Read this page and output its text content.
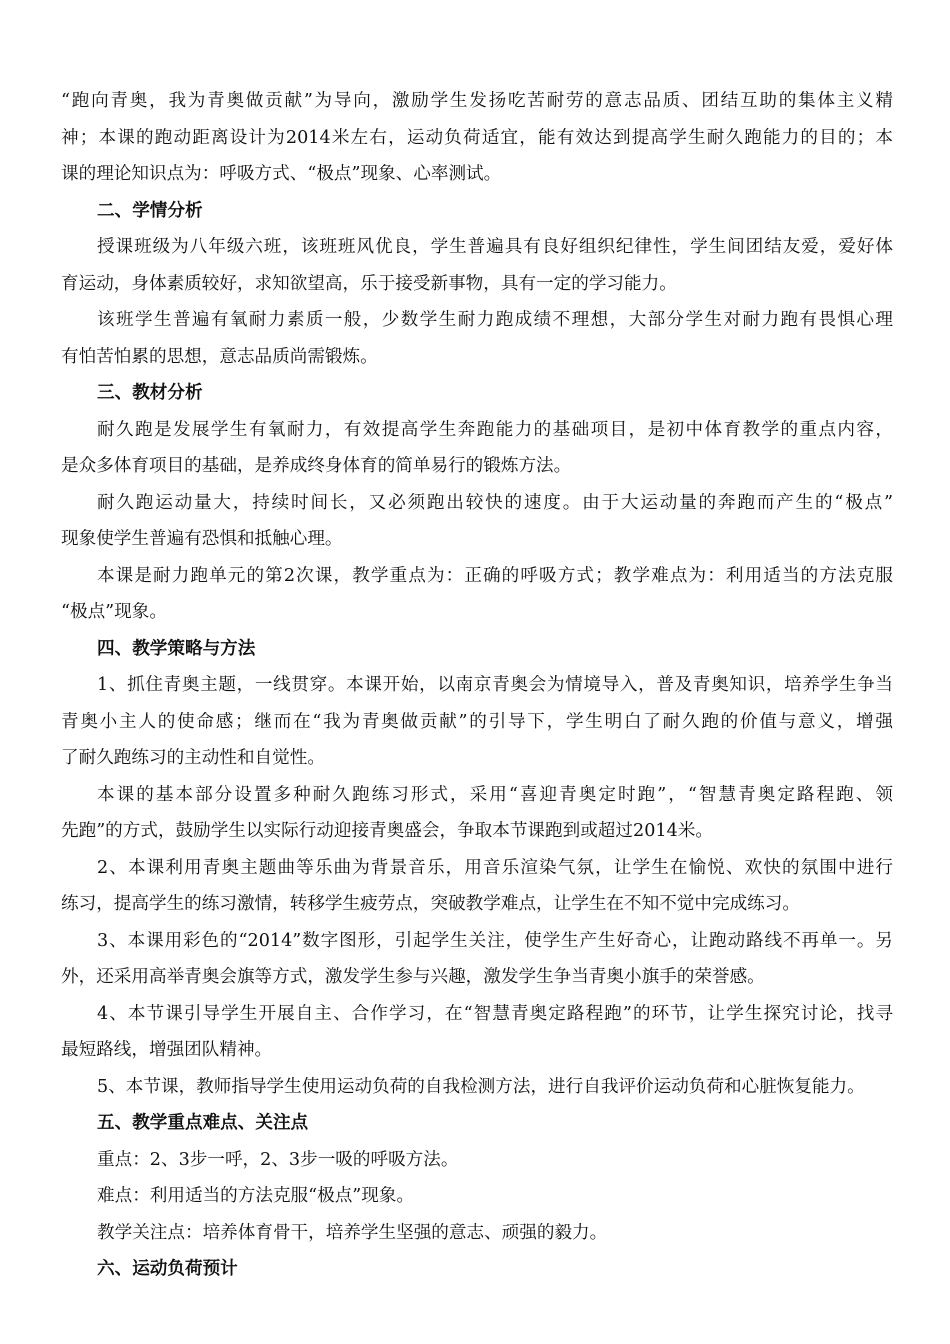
“跑向青奥，我为青奥做贡献”为导向，激励学生发扬吃苦耐劳的意志品质、团结互助的集体主义精
神；本课的跑动距离设计为2014米左右，运动负荷适宜，能有效达到提高学生耐久跑能力的目的；本
课的理论知识点为：呼吸方式、“极点”现象、心率测试。
二、学情分析
授课班级为八年级六班，该班班风优良，学生普遍具有良好组织纪律性，学生间团结友爱，爱好体
育运动，身体素质较好，求知欲望高，乐于接受新事物，具有一定的学习能力。
该班学生普遍有氧耐力素质一般，少数学生耐力跑成绩不理想，大部分学生对耐力跑有畏惧心理
有怕苦怕累的思想，意志品质尚需锻炼。
三、教材分析
耐久跑是发展学生有氧耐力，有效提高学生奔跑能力的基础项目，是初中体育教学的重点内容，
是众多体育项目的基础，是养成终身体育的简单易行的锻炼方法。
耐久跑运动量大，持续时间长，又必须跑出较快的速度。由于大运动量的奔跑而产生的“极点”
现象使学生普遍有恐惧和抵触心理。
本课是耐力跑单元的第2次课，教学重点为：正确的呼吸方式；教学难点为：利用适当的方法克服
“极点”现象。
四、教学策略与方法
1、抓住青奥主题，一线贯穿。本课开始，以南京青奥会为情境导入，普及青奥知识，培养学生争当
青奥小主人的使命感；继而在“我为青奥做贡献”的引导下，学生明白了耐久跑的价值与意义，增强
了耐久跑练习的主动性和自觉性。
本课的基本部分设置多种耐久跑练习形式，采用“喜迎青奥定时跑”，“智慧青奥定路程跑、领
先跑”的方式，鼓励学生以实际行动迎接青奥盛会，争取本节课跑到或超过2014米。
2、本课利用青奥主题曲等乐曲为背景音乐，用音乐渲染气氛，让学生在愉悦、欢快的氛围中进行
练习，提高学生的练习激情，转移学生疲劳点，突破教学难点，让学生在不知不觉中完成练习。
3、本课用彩色的“2014”数字图形，引起学生关注，使学生产生好奇心，让跑动路线不再单一。另
外，还采用高举青奥会旗等方式，激发学生参与兴趣，激发学生争当青奥小旗手的荣誉感。
4、本节课引导学生开展自主、合作学习，在“智慧青奥定路程跑”的环节，让学生探究讨论，找寻
最短路线，增强团队精神。
5、本节课，教师指导学生使用运动负荷的自我检测方法，进行自我评价运动负荷和心脏恢复能力。
五、教学重点难点、关注点
重点：2、3步一呼，2、3步一吸的呼吸方法。
难点：利用适当的方法克服“极点”现象。
教学关注点：培养体育骨干，培养学生坚强的意志、顽强的毅力。
六、运动负荷预计
